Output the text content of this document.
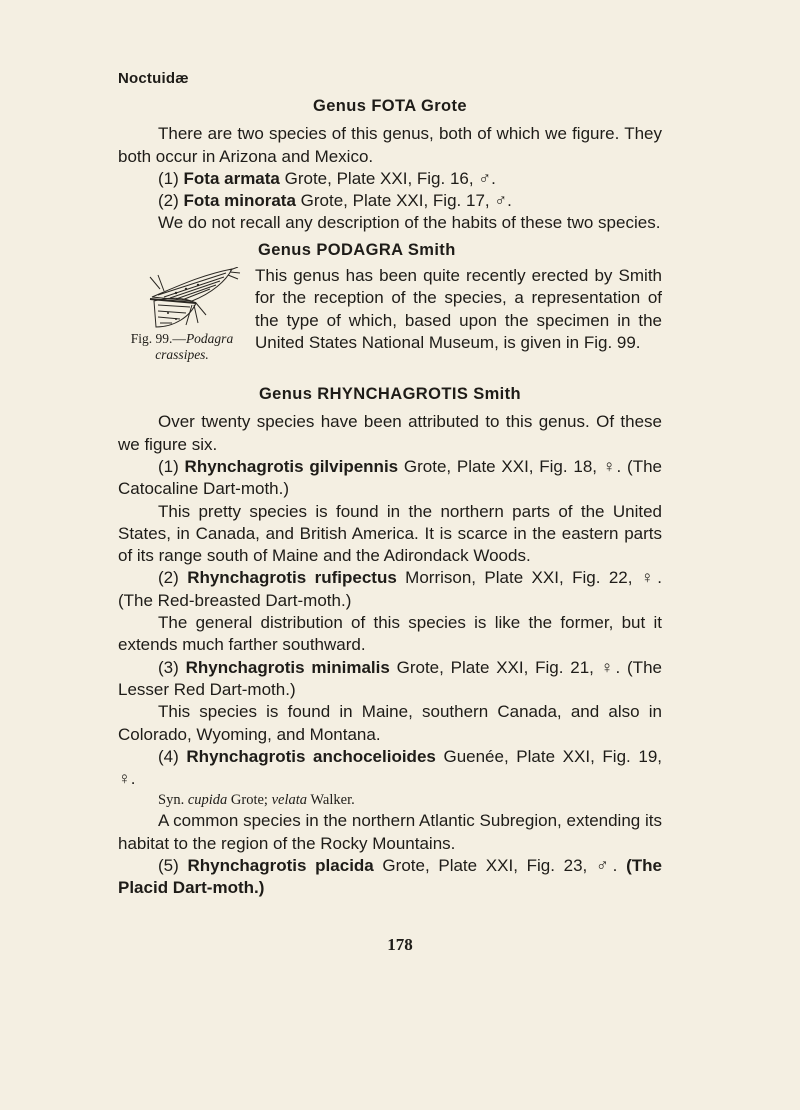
Noctuidæ
Genus FOTA Grote

There are two species of this genus, both of which we figure. They both occur in Arizona and Mexico.

(1) Fota armata Grote, Plate XXI, Fig. 16, ♂.

(2) Fota minorata Grote, Plate XXI, Fig. 17, ♂.

We do not recall any description of the habits of these two species.

Genus PODAGRA Smith
Fig. 99.—Podagra crassipes.

This genus has been quite recently erected by Smith for the reception of the species, a representation of the type of which, based upon the specimen in the United States National Museum, is given in Fig. 99.

Genus RHYNCHAGROTIS Smith

Over twenty species have been attributed to this genus. Of these we figure six.

(1) Rhynchagrotis gilvipennis Grote, Plate XXI, Fig. 18, ♀. (The Catocaline Dart-moth.)

This pretty species is found in the northern parts of the United States, in Canada, and British America. It is scarce in the eastern parts of its range south of Maine and the Adirondack Woods.

(2) Rhynchagrotis rufipectus Morrison, Plate XXI, Fig. 22, ♀. (The Red-breasted Dart-moth.)

The general distribution of this species is like the former, but it extends much farther southward.

(3) Rhynchagrotis minimalis Grote, Plate XXI, Fig. 21, ♀. (The Lesser Red Dart-moth.)

This species is found in Maine, southern Canada, and also in Colorado, Wyoming, and Montana.

(4) Rhynchagrotis anchocelioides Guenée, Plate XXI, Fig. 19, ♀.

Syn. cupida Grote; velata Walker.

A common species in the northern Atlantic Subregion, extending its habitat to the region of the Rocky Mountains.

(5) Rhynchagrotis placida Grote, Plate XXI, Fig. 23, ♂. (The Placid Dart-moth.)

178
